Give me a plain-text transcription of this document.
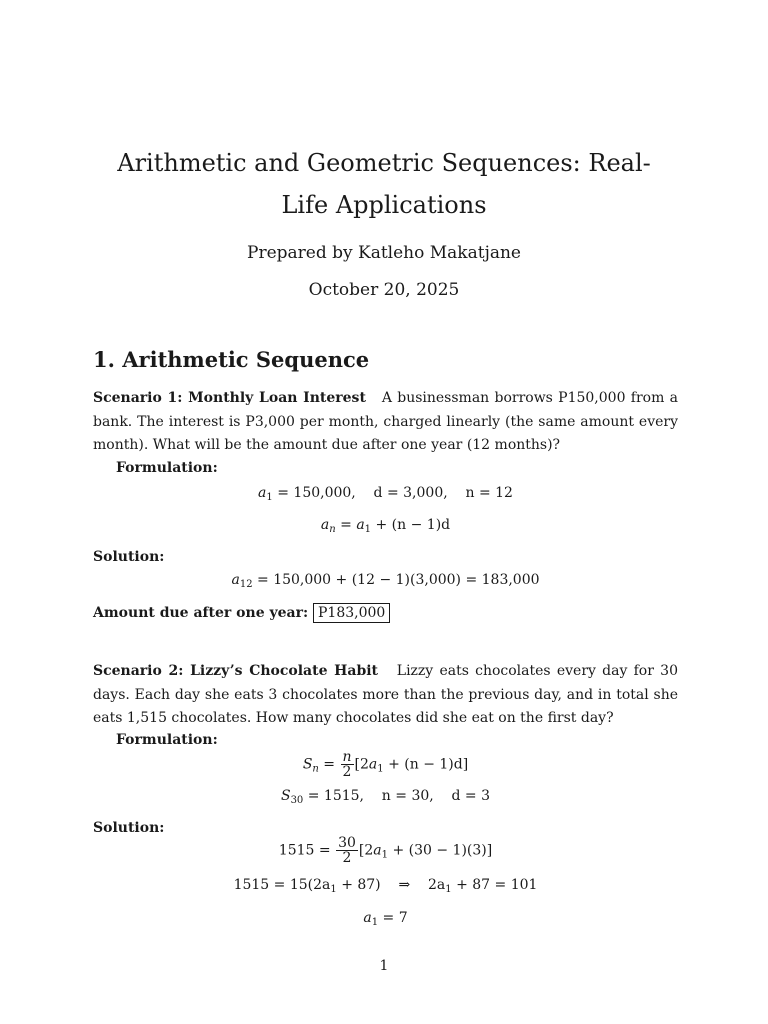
Arithmetic and Geometric Sequences: Real-Life Applications
Prepared by Katleho Makatjane
October 20, 2025
1. Arithmetic Sequence

Scenario 1: Monthly Loan Interest A businessman borrows P150,000 from a bank. The interest is P3,000 per month, charged linearly (the same amount every month). What will be the amount due after one year (12 months)?

Formulation:
$a_1 = 150,000$,    d = 3,000,    n = 12
$a_n = a_1 + (n - 1)d$
Solution:
$a_{12} = 150,000 + (12 - 1)(3,000) = 183,000$
Amount due after one year: P183,000

Scenario 2: Lizzy’s Chocolate Habit Lizzy eats chocolates every day for 30 days. Each day she eats 3 chocolates more than the previous day, and in total she eats 1,515 chocolates. How many chocolates did she eat on the first day?

Formulation:
$S_n = \frac{n}{2} [2a_1 + (n - 1)d]$
$S_{30} = 1515$,    n = 30,    d = 3
Solution:
$1515 = \frac{30}{2} [2a_1 + (30 - 1)(3)]$
$1515 = 15(2a_1 + 87)$    ⇒    $2a_1 + 87 = 101$
$a_1 = 7$
1
